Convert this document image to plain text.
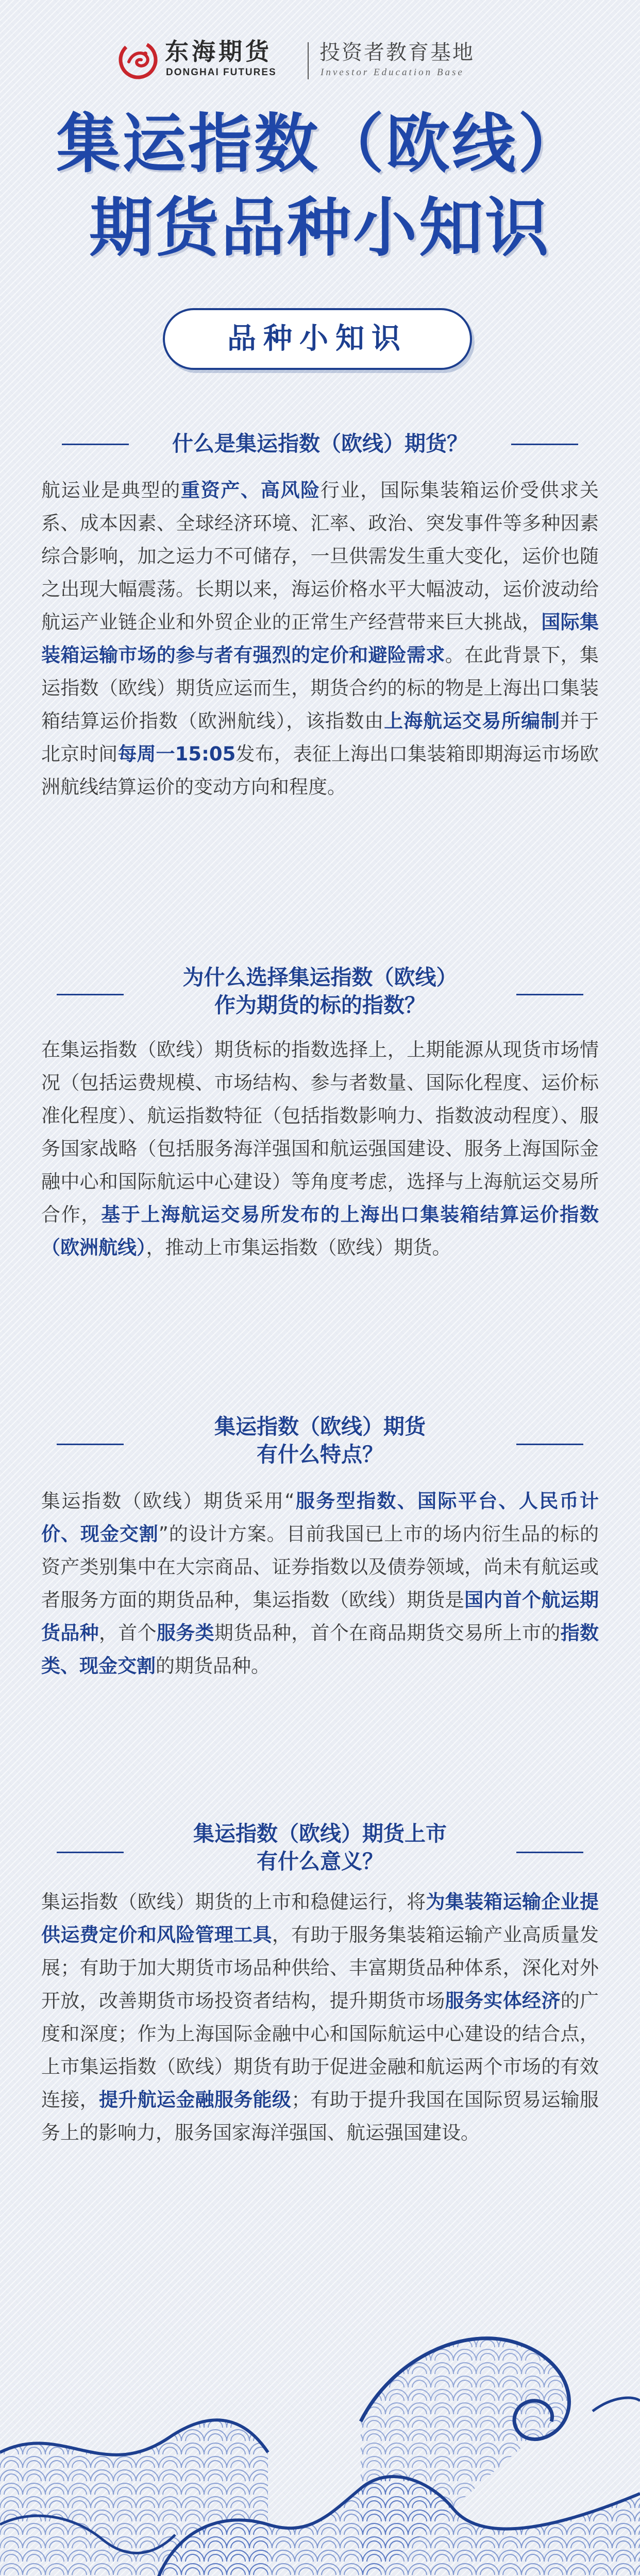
东海期货
DONGHAI FUTURES
投资者教育基地
Investor Education Base
集运指数（欧线）
期货品种小知识
品种小知识
什么是集运指数（欧线）期货？

航运业是典型的重资产、高风险行业，国际集装箱运价受供求关系、成本因素、全球经济环境、汇率、政治、突发事件等多种因素综合影响，加之运力不可储存，一旦供需发生重大变化，运价也随之出现大幅震荡。长期以来，海运价格水平大幅波动，运价波动给航运产业链企业和外贸企业的正常生产经营带来巨大挑战，国际集装箱运输市场的参与者有强烈的定价和避险需求。在此背景下，集运指数（欧线）期货应运而生，期货合约的标的物是上海出口集装箱结算运价指数（欧洲航线），该指数由上海航运交易所编制并于北京时间每周一15:05发布，表征上海出口集装箱即期海运市场欧洲航线结算运价的变动方向和程度。

为什么选择集运指数（欧线）
作为期货的标的指数？

在集运指数（欧线）期货标的指数选择上，上期能源从现货市场情况（包括运费规模、市场结构、参与者数量、国际化程度、运价标准化程度）、航运指数特征（包括指数影响力、指数波动程度）、服务国家战略（包括服务海洋强国和航运强国建设、服务上海国际金融中心和国际航运中心建设）等角度考虑，选择与上海航运交易所合作，基于上海航运交易所发布的上海出口集装箱结算运价指数（欧洲航线），推动上市集运指数（欧线）期货。

集运指数（欧线）期货
有什么特点？

集运指数（欧线）期货采用“服务型指数、国际平台、人民币计价、现金交割”的设计方案。目前我国已上市的场内衍生品的标的资产类别集中在大宗商品、证券指数以及债券领域，尚未有航运或者服务方面的期货品种，集运指数（欧线）期货是国内首个航运期货品种，首个服务类期货品种，首个在商品期货交易所上市的指数类、现金交割的期货品种。

集运指数（欧线）期货上市
有什么意义？

集运指数（欧线）期货的上市和稳健运行，将为集装箱运输企业提供运费定价和风险管理工具，有助于服务集装箱运输产业高质量发展；有助于加大期货市场品种供给、丰富期货品种体系，深化对外开放，改善期货市场投资者结构，提升期货市场服务实体经济的广度和深度；作为上海国际金融中心和国际航运中心建设的结合点，上市集运指数（欧线）期货有助于促进金融和航运两个市场的有效连接，提升航运金融服务能级；有助于提升我国在国际贸易运输服务上的影响力，服务国家海洋强国、航运强国建设。
